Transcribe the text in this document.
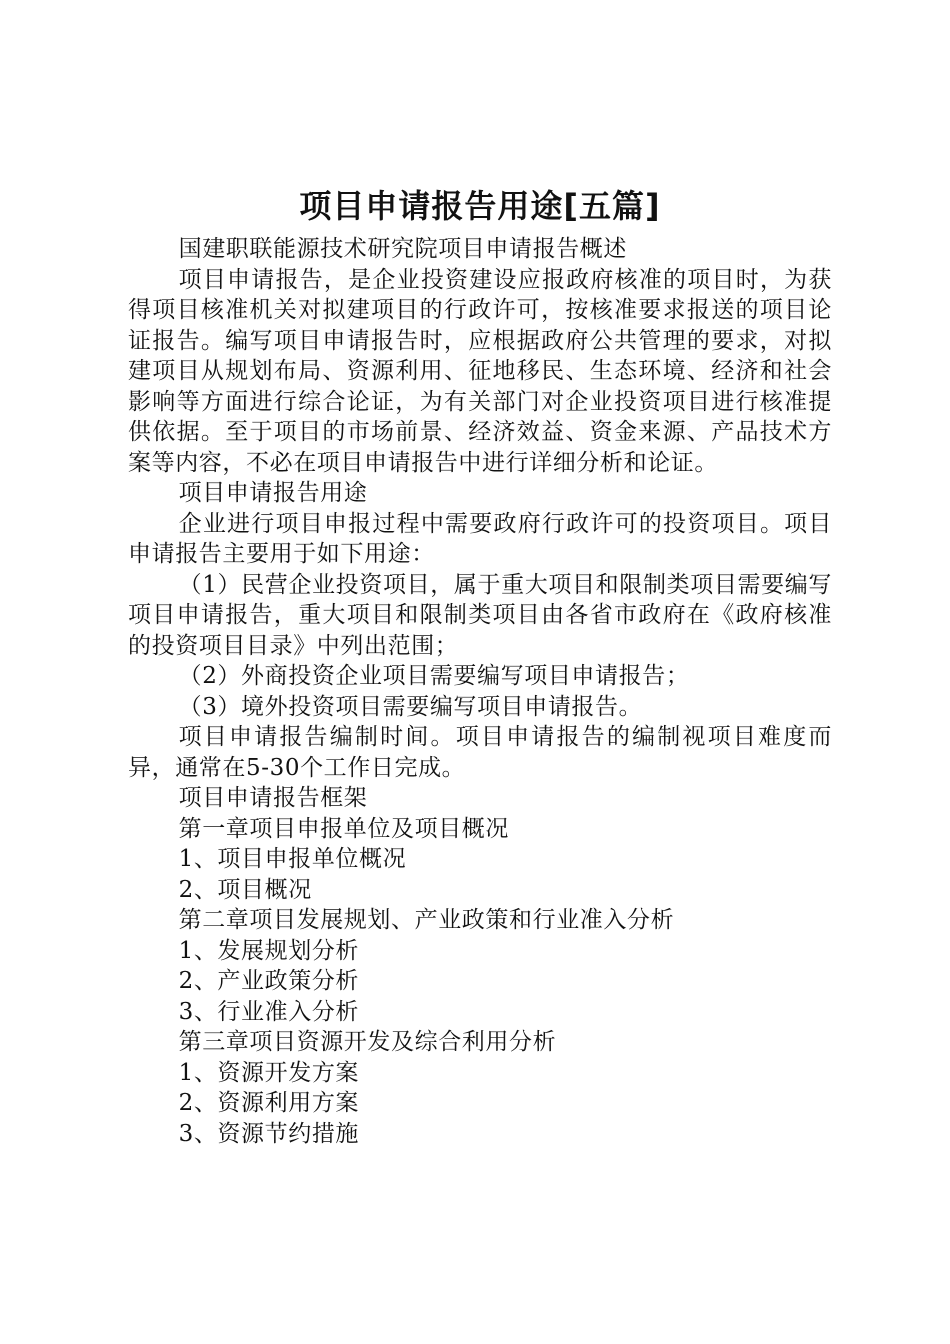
项目申请报告用途[五篇]

国建职联能源技术研究院项目申请报告概述

项目申请报告，是企业投资建设应报政府核准的项目时，为获得项目核准机关对拟建项目的行政许可，按核准要求报送的项目论证报告。编写项目申请报告时，应根据政府公共管理的要求，对拟建项目从规划布局、资源利用、征地移民、生态环境、经济和社会影响等方面进行综合论证，为有关部门对企业投资项目进行核准提供依据。至于项目的市场前景、经济效益、资金来源、产品技术方案等内容，不必在项目申请报告中进行详细分析和论证。

项目申请报告用途

企业进行项目申报过程中需要政府行政许可的投资项目。项目申请报告主要用于如下用途：

（1）民营企业投资项目，属于重大项目和限制类项目需要编写项目申请报告，重大项目和限制类项目由各省市政府在《政府核准的投资项目目录》中列出范围；

（2）外商投资企业项目需要编写项目申请报告；

（3）境外投资项目需要编写项目申请报告。

项目申请报告编制时间。项目申请报告的编制视项目难度而异，通常在5-30个工作日完成。

项目申请报告框架

第一章项目申报单位及项目概况

1、项目申报单位概况

2、项目概况

第二章项目发展规划、产业政策和行业准入分析

1、发展规划分析

2、产业政策分析

3、行业准入分析

第三章项目资源开发及综合利用分析

1、资源开发方案

2、资源利用方案

3、资源节约措施
